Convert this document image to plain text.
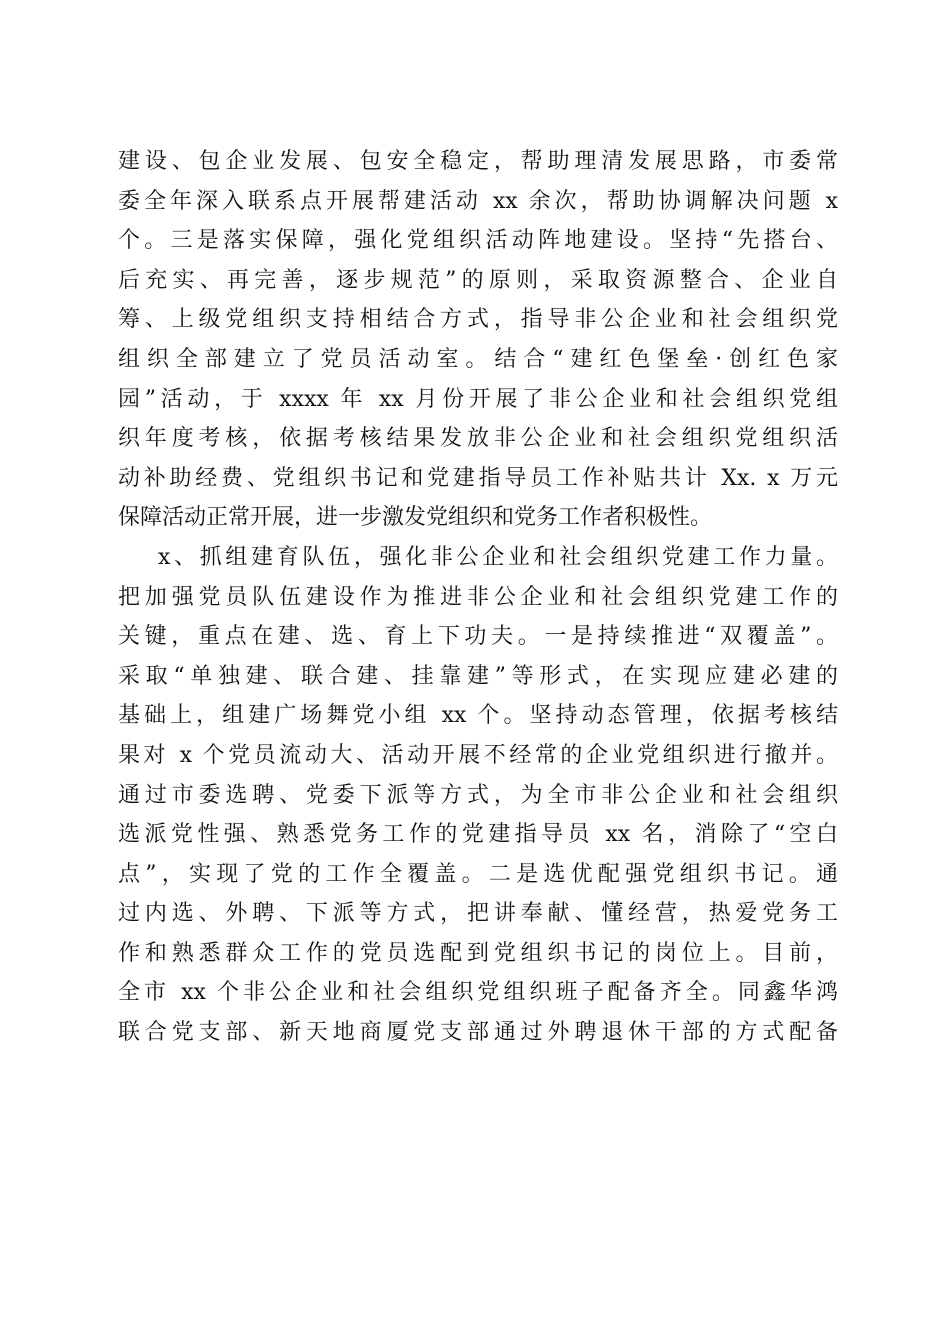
建设、包企业发展、包安全稳定，帮助理清发展思路，市委常
委全年深入联系点开展帮建活动 xx 余次，帮助协调解决问题 x
个。三是落实保障，强化党组织活动阵地建设。坚持“先搭台、
后充实、再完善，逐步规范”的原则，采取资源整合、企业自
筹、上级党组织支持相结合方式，指导非公企业和社会组织党
组织全部建立了党员活动室。结合“建红色堡垒·创红色家
园”活动，于 xxxx 年 xx 月份开展了非公企业和社会组织党组
织年度考核，依据考核结果发放非公企业和社会组织党组织活
动补助经费、党组织书记和党建指导员工作补贴共计 Xx. x 万元
保障活动正常开展，进一步激发党组织和党务工作者积极性。
x、抓组建育队伍，强化非公企业和社会组织党建工作力量。
把加强党员队伍建设作为推进非公企业和社会组织党建工作的
关键，重点在建、选、育上下功夫。一是持续推进“双覆盖”。
采取“单独建、联合建、挂靠建”等形式，在实现应建必建的
基础上，组建广场舞党小组 xx 个。坚持动态管理，依据考核结
果对 x 个党员流动大、活动开展不经常的企业党组织进行撤并。
通过市委选聘、党委下派等方式，为全市非公企业和社会组织
选派党性强、熟悉党务工作的党建指导员 xx 名，消除了“空白
点”，实现了党的工作全覆盖。二是选优配强党组织书记。通
过内选、外聘、下派等方式，把讲奉献、懂经营，热爱党务工
作和熟悉群众工作的党员选配到党组织书记的岗位上。目前，
全市 xx 个非公企业和社会组织党组织班子配备齐全。同鑫华鸿
联合党支部、新天地商厦党支部通过外聘退休干部的方式配备
